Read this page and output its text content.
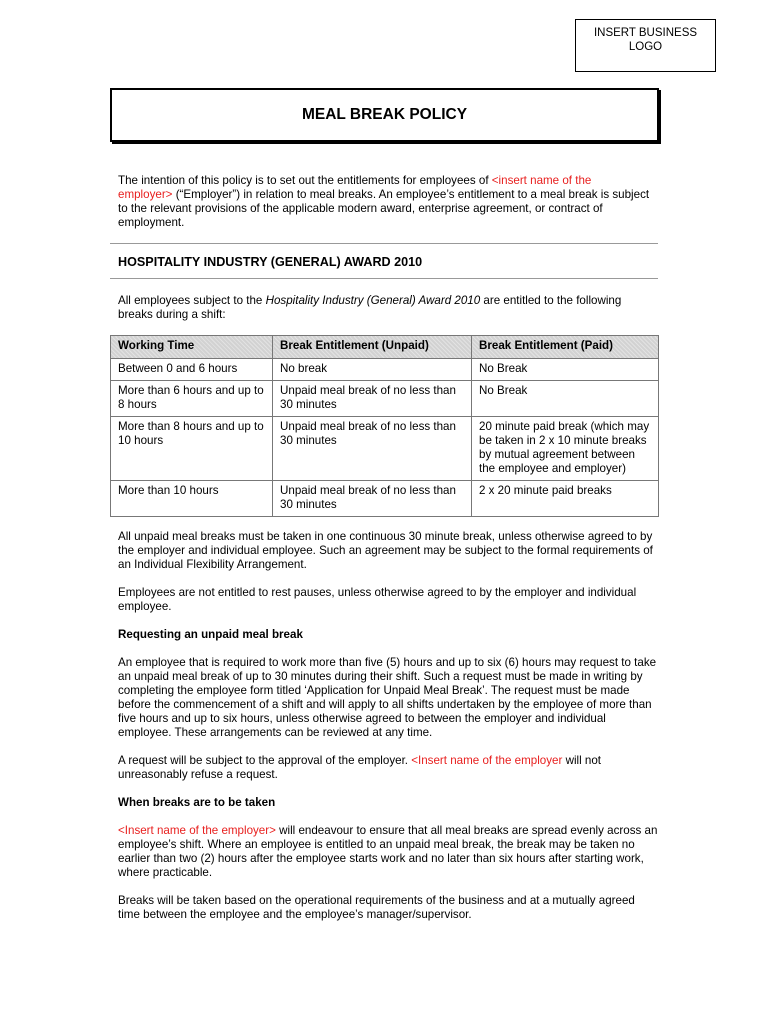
INSERT BUSINESS
LOGO
MEAL BREAK POLICY

The intention of this policy is to set out the entitlements for employees of <insert name of the
employer> (“Employer”) in relation to meal breaks. An employee’s entitlement to a meal break is subject to the relevant provisions of the applicable modern award, enterprise agreement, or contract of employment.

HOSPITALITY INDUSTRY (GENERAL) AWARD 2010

All employees subject to the Hospitality Industry (General) Award 2010 are entitled to the following breaks during a shift:

Working Time	Break Entitlement (Unpaid)	Break Entitlement (Paid)
Between 0 and 6 hours	No break	No Break
More than 6 hours and up to 8 hours	Unpaid meal break of no less than 30 minutes	No Break
More than 8 hours and up to 10 hours	Unpaid meal break of no less than 30 minutes	20 minute paid break (which may be taken in 2 x 10 minute breaks by mutual agreement between the employee and employer)
More than 10 hours	Unpaid meal break of no less than 30 minutes	2 x 20 minute paid breaks

All unpaid meal breaks must be taken in one continuous 30 minute break, unless otherwise agreed to by the employer and individual employee. Such an agreement may be subject to the formal requirements of an Individual Flexibility Arrangement.

Employees are not entitled to rest pauses, unless otherwise agreed to by the employer and individual employee.

Requesting an unpaid meal break

An employee that is required to work more than five (5) hours and up to six (6) hours may request to take an unpaid meal break of up to 30 minutes during their shift. Such a request must be made in writing by completing the employee form titled ‘Application for Unpaid Meal Break’. The request must be made before the commencement of a shift and will apply to all shifts undertaken by the employee of more than five hours and up to six hours, unless otherwise agreed to between the employer and individual employee. These arrangements can be reviewed at any time.

A request will be subject to the approval of the employer. <Insert name of the employer will not unreasonably refuse a request.

When breaks are to be taken

<Insert name of the employer> will endeavour to ensure that all meal breaks are spread evenly across an employee’s shift. Where an employee is entitled to an unpaid meal break, the break may be taken no earlier than two (2) hours after the employee starts work and no later than six hours after starting work, where practicable.

Breaks will be taken based on the operational requirements of the business and at a mutually agreed time between the employee and the employee’s manager/supervisor.
